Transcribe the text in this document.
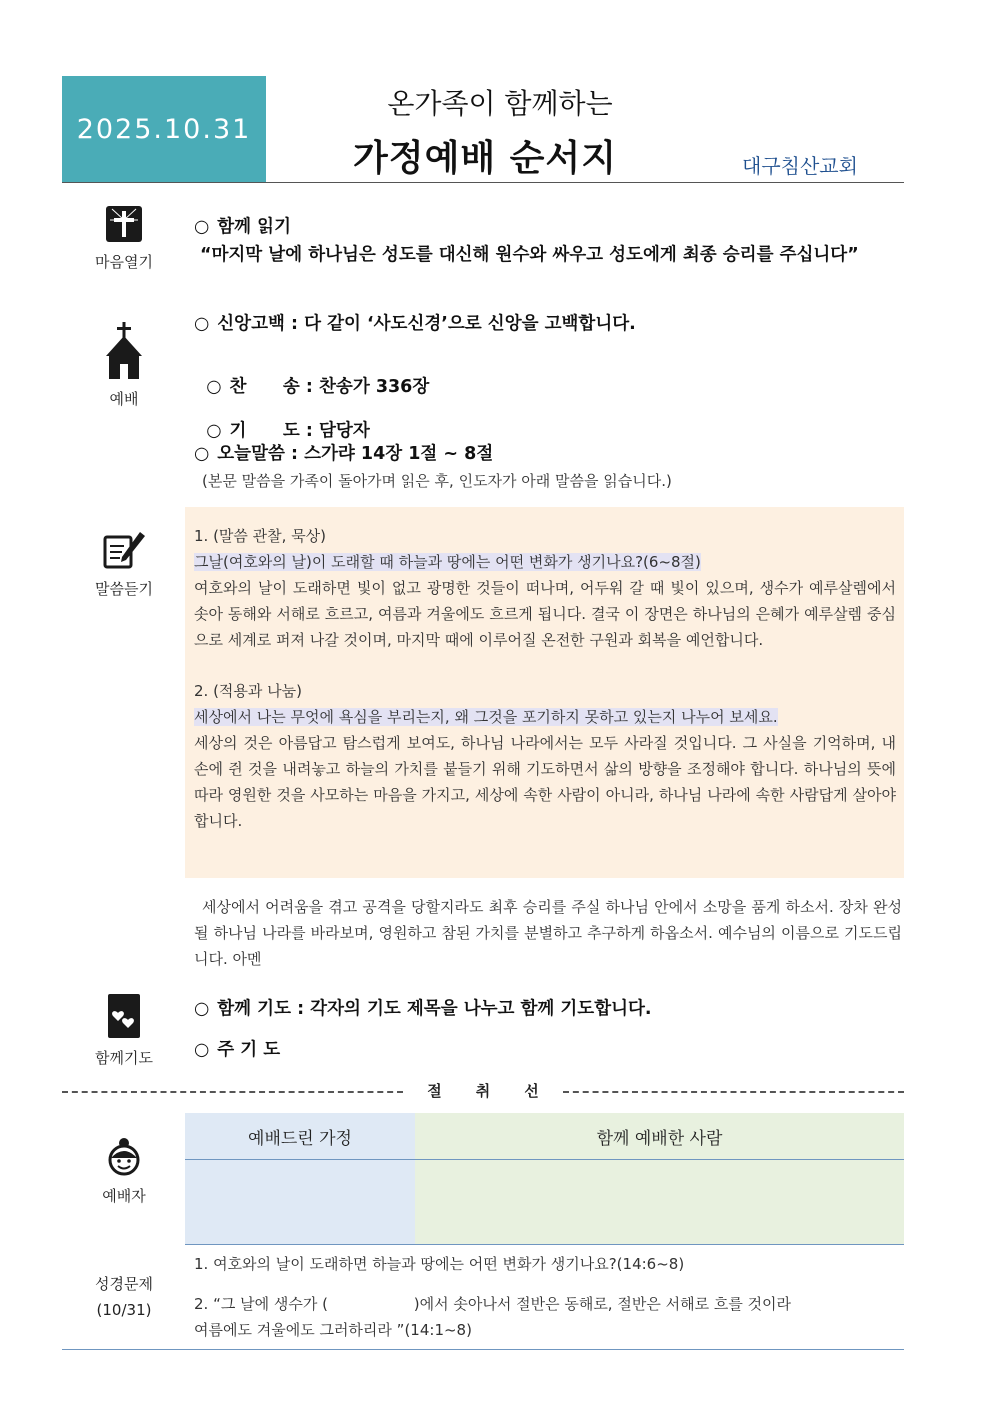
2025.10.31
온가족이 함께하는
가정예배 순서지	대구침산교회
마음열기
○ 함께 읽기
“마지막 날에 하나님은 성도를 대신해 원수와 싸우고 성도에게 최종 승리를 주십니다”
예배
○ 신앙고백 : 다 같이 ‘사도신경’으로 신앙을 고백합니다.

○ 찬      송 : 찬송가 336장

○ 기      도 : 담당자

○ 오늘말씀 : 스가랴 14장 1절 ~ 8절
(본문 말씀을 가족이 돌아가며 읽은 후, 인도자가 아래 말씀을 읽습니다.)
말씀듣기

1. (말씀 관찰, 묵상)

그날(여호와의 날)이 도래할 때 하늘과 땅에는 어떤 변화가 생기나요?(6~8절)

여호와의 날이 도래하면 빛이 없고 광명한 것들이 떠나며, 어두워 갈 때 빛이 있으며, 생수가 예루살렘에서 솟아 동해와 서해로 흐르고, 여름과 겨울에도 흐르게 됩니다. 결국 이 장면은 하나님의 은혜가 예루살렘 중심으로 세계로 퍼져 나갈 것이며, 마지막 때에 이루어질 온전한 구원과 회복을 예언합니다.

2. (적용과 나눔)

세상에서 나는 무엇에 욕심을 부리는지, 왜 그것을 포기하지 못하고 있는지 나누어 보세요.

세상의 것은 아름답고 탐스럽게 보여도, 하나님 나라에서는 모두 사라질 것입니다. 그 사실을 기억하며, 내 손에 쥔 것을 내려놓고 하늘의 가치를 붙들기 위해 기도하면서 삶의 방향을 조정해야 합니다. 하나님의 뜻에 따라 영원한 것을 사모하는 마음을 가지고, 세상에 속한 사람이 아니라, 하나님 나라에 속한 사람답게 살아야 합니다.

세상에서 어려움을 겪고 공격을 당할지라도 최후 승리를 주실 하나님 안에서 소망을 품게 하소서. 장차 완성될 하나님 나라를 바라보며, 영원하고 참된 가치를 분별하고 추구하게 하옵소서. 예수님의 이름으로 기도드립니다. 아멘
함께기도
○ 함께 기도 : 각자의 기도 제목을 나누고 함께 기도합니다.
○ 주 기 도
절취선
예배자
예배드린 가정	함께 예배한 사람
성경문제
(10/31)
1. 여호와의 날이 도래하면 하늘과 땅에는 어떤 변화가 생기나요?(14:6~8)
2. “그 날에 생수가 (                  )에서 솟아나서 절반은 동해로, 절반은 서해로 흐를 것이라
여름에도 겨울에도 그러하리라 ”(14:1~8)
